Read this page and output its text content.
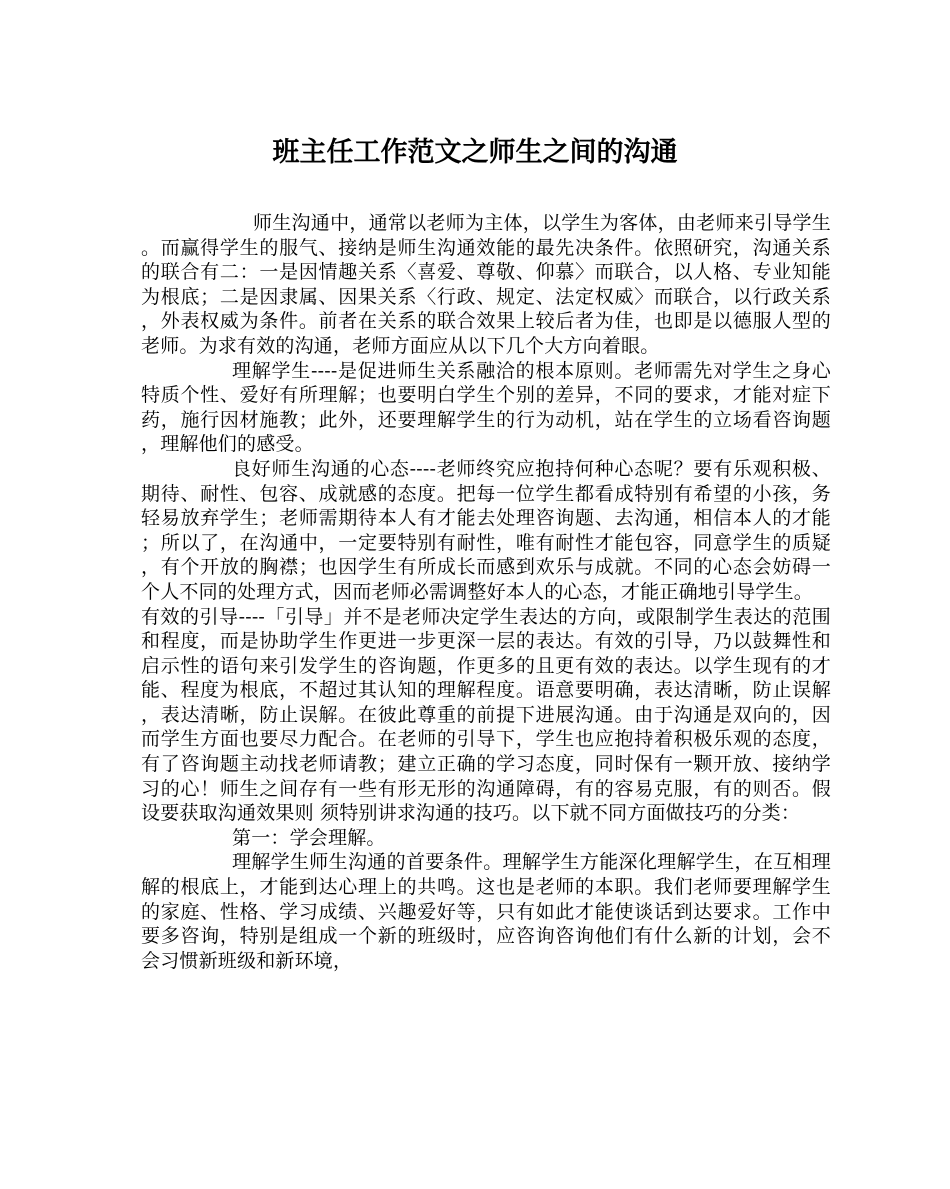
班主任工作范文之师生之间的沟通

师生沟通中，通常以老师为主体，以学生为客体，由老师来引导学生。而赢得学生的服气、接纳是师生沟通效能的最先决条件。依照研究，沟通关系的联合有二：一是因情趣关系〈喜爱、尊敬、仰慕〉而联合，以人格、专业知能为根底；二是因隶属、因果关系〈行政、规定、法定权威〉而联合，以行政关系，外表权威为条件。前者在关系的联合效果上较后者为佳，也即是以德服人型的老师。为求有效的沟通，老师方面应从以下几个大方向着眼。

理解学生----是促进师生关系融洽的根本原则。老师需先对学生之身心特质个性、爱好有所理解；也要明白学生个别的差异，不同的要求，才能对症下药，施行因材施教；此外，还要理解学生的行为动机，站在学生的立场看咨询题，理解他们的感受。

良好师生沟通的心态----老师终究应抱持何种心态呢？要有乐观积极、期待、耐性、包容、成就感的态度。把每一位学生都看成特别有希望的小孩，务轻易放弃学生；老师需期待本人有才能去处理咨询题、去沟通，相信本人的才能；所以了，在沟通中，一定要特别有耐性，唯有耐性才能包容，同意学生的质疑，有个开放的胸襟；也因学生有所成长而感到欢乐与成就。不同的心态会妨碍一个人不同的处理方式，因而老师必需调整好本人的心态，才能正确地引导学生。

有效的引导----「引导」并不是老师决定学生表达的方向，或限制学生表达的范围和程度，而是协助学生作更进一步更深一层的表达。有效的引导，乃以鼓舞性和启示性的语句来引发学生的咨询题，作更多的且更有效的表达。以学生现有的才能、程度为根底，不超过其认知的理解程度。语意要明确，表达清晰，防止误解，表达清晰，防止误解。在彼此尊重的前提下进展沟通。由于沟通是双向的，因而学生方面也要尽力配合。在老师的引导下，学生也应抱持着积极乐观的态度，有了咨询题主动找老师请教；建立正确的学习态度，同时保有一颗开放、接纳学习的心！师生之间存有一些有形无形的沟通障碍，有的容易克服，有的则否。假设要获取沟通效果则 须特别讲求沟通的技巧。以下就不同方面做技巧的分类：

第一：学会理解。

理解学生师生沟通的首要条件。理解学生方能深化理解学生，在互相理解的根底上，才能到达心理上的共鸣。这也是老师的本职。我们老师要理解学生的家庭、性格、学习成绩、兴趣爱好等，只有如此才能使谈话到达要求。工作中要多咨询，特别是组成一个新的班级时，应咨询咨询他们有什么新的计划，会不会习惯新班级和新环境，
